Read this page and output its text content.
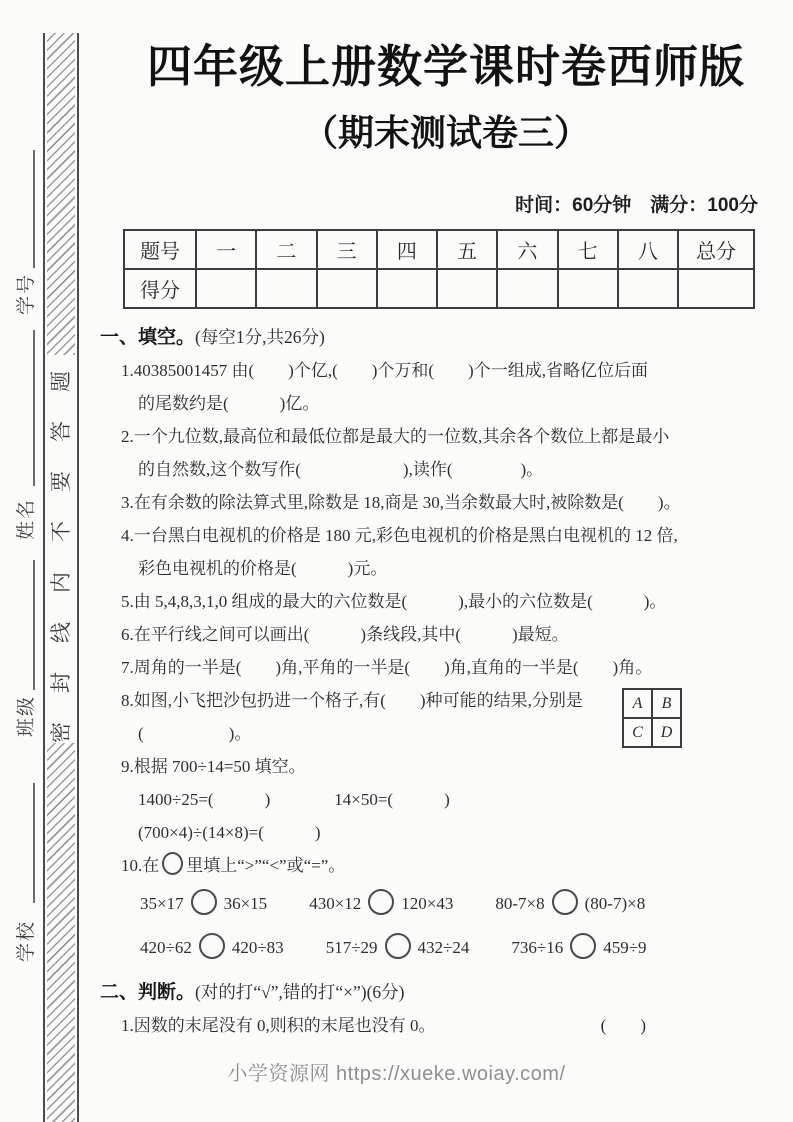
学号
姓名
班级
学校
题
答
要
不
内
线
封
密
四年级上册数学课时卷西师版
（期末测试卷三）
时间：60分钟　满分：100分
题号	一	二	三	四	五	六	七	八	总分
得分									
一、填空。(每空1分,共26分)
1.40385001457 由(　　)个亿,(　　)个万和(　　)个一组成,省略亿位后面
的尾数约是(　　　)亿。
2.一个九位数,最高位和最低位都是最大的一位数,其余各个数位上都是最小
的自然数,这个数写作(　　　　　　),读作(　　　　)。
3.在有余数的除法算式里,除数是 18,商是 30,当余数最大时,被除数是(　　)。
4.一台黑白电视机的价格是 180 元,彩色电视机的价格是黑白电视机的 12 倍,
彩色电视机的价格是(　　　)元。
5.由 5,4,8,3,1,0 组成的最大的六位数是(　　　),最小的六位数是(　　　)。
6.在平行线之间可以画出(　　　)条线段,其中(　　　)最短。
7.周角的一半是(　　)角,平角的一半是(　　)角,直角的一半是(　　)角。
8.如图,小飞把沙包扔进一个格子,有(　　)种可能的结果,分别是
(　　　　　)。
A	B
C	D
9.根据 700÷14=50 填空。
1400÷25=(　　　)	14×50=(　　　)
(700×4)÷(14×8)=(　　　)
10.在 里填上“>”“<”或“=”。
35×17 36×15 430×12 120×43 80-7×8 (80-7)×8
420÷62 420÷83 517÷29 432÷24 736÷16 459÷9
二、判断。(对的打“√”,错的打“×”)(6分)
1.因数的末尾没有 0,则积的末尾也没有 0。	(　　)
小学资源网 https://xueke.woiay.com/
